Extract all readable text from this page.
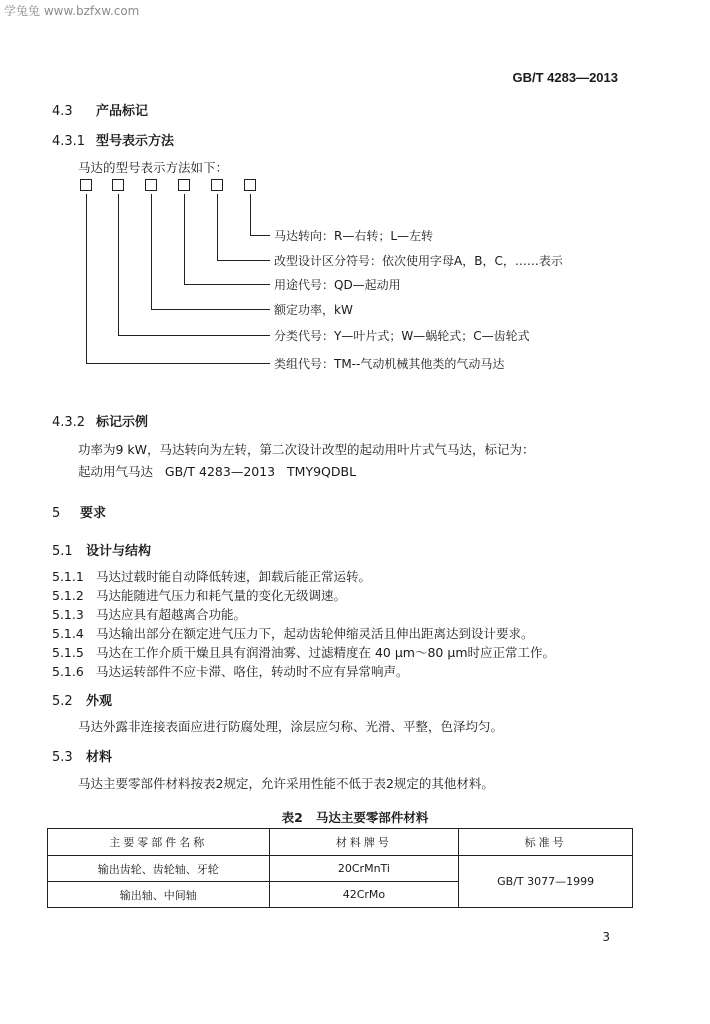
学兔兔 www.bzfxw.com
GB/T 4283—2013
4.3 产品标记
4.3.1 型号表示方法
马达的型号表示方法如下：
马达转向：R—右转；L—左转
改型设计区分符号：依次使用字母A，B，C，……表示
用途代号：QD—起动用
额定功率，kW
分类代号：Y—叶片式；W—蜗轮式；C—齿轮式
类组代号：TM--气动机械其他类的气动马达
4.3.2 标记示例
功率为9 kW，马达转向为左转，第二次设计改型的起动用叶片式气马达，标记为：
起动用气马达   GB/T 4283—2013   TMY9QDBL
5 要求
5.1 设计与结构
5.1.1 马达过载时能自动降低转速，卸载后能正常运转。
5.1.2 马达能随进气压力和耗气量的变化无级调速。
5.1.3 马达应具有超越离合功能。
5.1.4 马达输出部分在额定进气压力下，起动齿轮伸缩灵活且伸出距离达到设计要求。
5.1.5 马达在工作介质干燥且具有润滑油雾、过滤精度在 40 μm～80 μm时应正常工作。
5.1.6 马达运转部件不应卡滞、咯住，转动时不应有异常响声。
5.2 外观
马达外露非连接表面应进行防腐处理，涂层应匀称、光滑、平整，色泽均匀。
5.3 材料
马达主要零部件材料按表2规定，允许采用性能不低于表2规定的其他材料。
表2   马达主要零部件材料
主要零部件名称	材料牌号	标准号
输出齿轮、齿轮轴、牙轮	20CrMnTi	GB/T 3077—1999
输出轴、中间轴	42CrMo	
3
